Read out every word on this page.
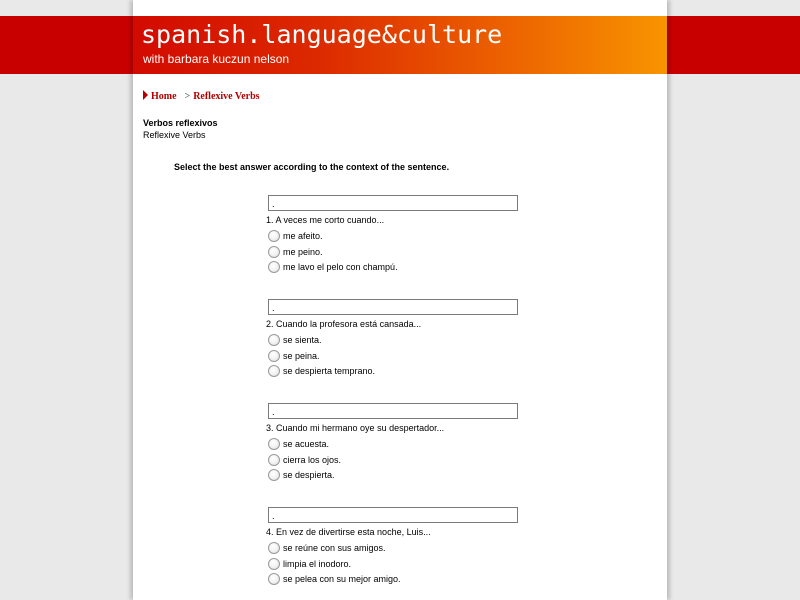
spanish.language&culture
with barbara kuczun nelson
Home > Reflexive Verbs
Verbos reflexivos
Reflexive Verbs
Select the best answer according to the context of the sentence.
.
1. A veces me corto cuando...
me afeito.
me peino.
me lavo el pelo con champú.
.
2. Cuando la profesora está cansada...
se sienta.
se peina.
se despierta temprano.
.
3. Cuando mi hermano oye su despertador...
se acuesta.
cierra los ojos.
se despierta.
.
4. En vez de divertirse esta noche, Luis...
se reúne con sus amigos.
limpia el inodoro.
se pelea con su mejor amigo.
